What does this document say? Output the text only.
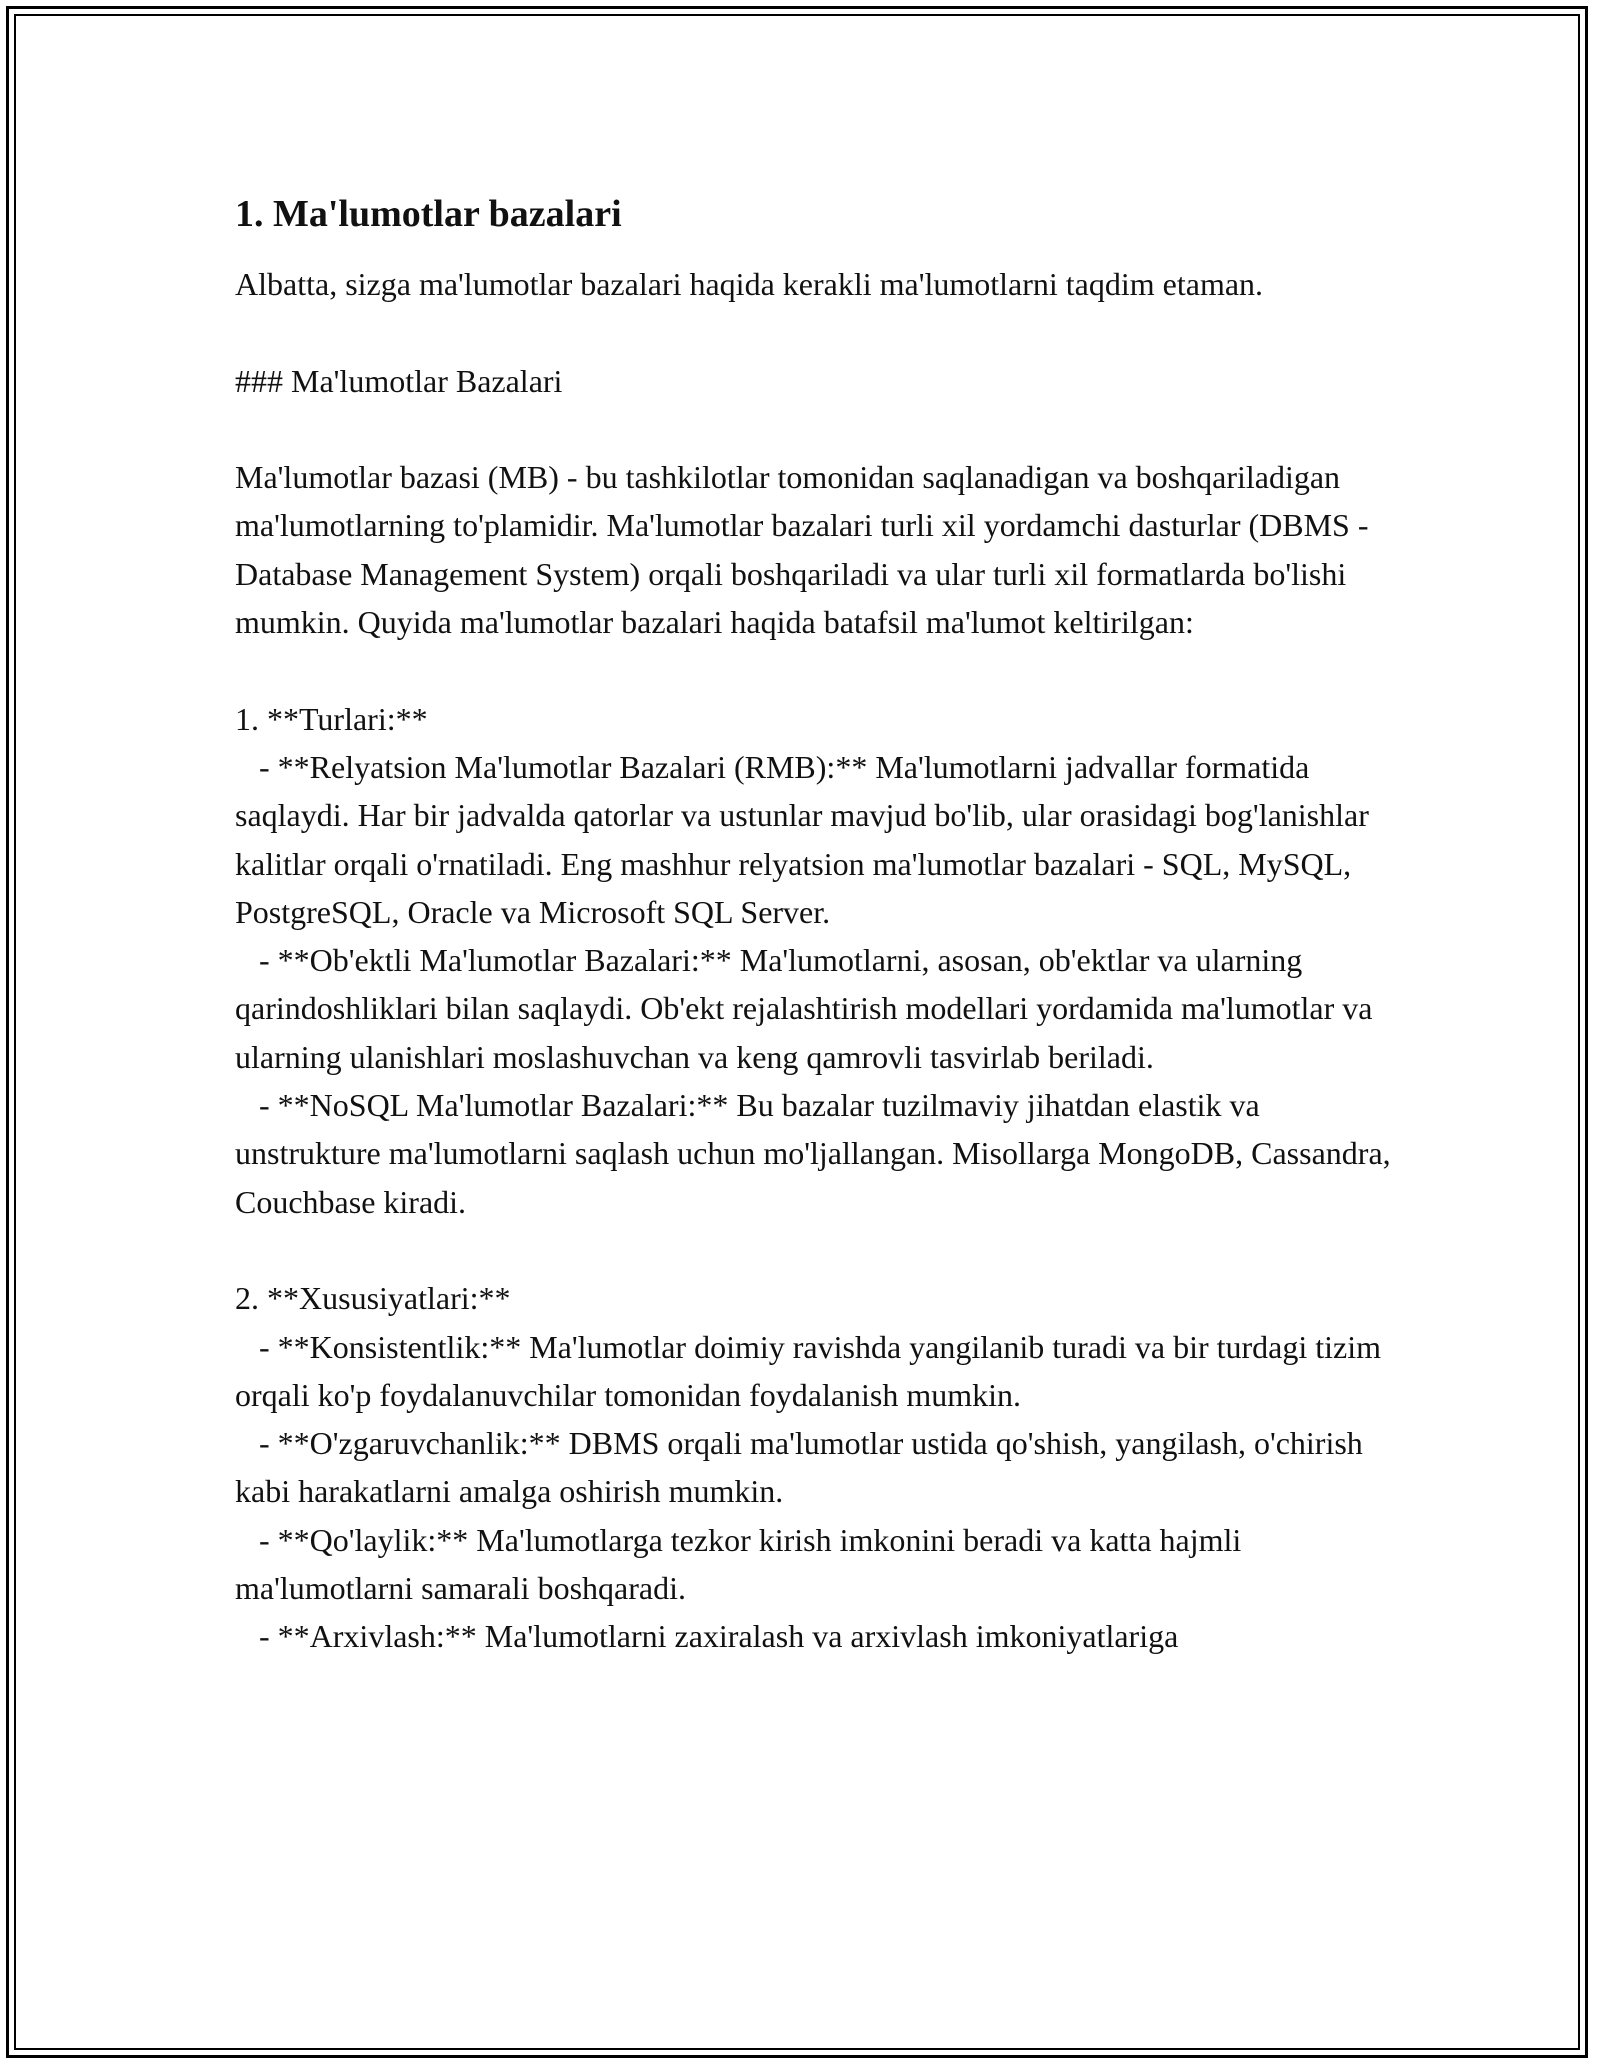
1. Ma'lumotlar bazalari

Albatta, sizga ma'lumotlar bazalari haqida kerakli ma'lumotlarni taqdim etaman.

### Ma'lumotlar Bazalari

Ma'lumotlar bazasi (MB) - bu tashkilotlar tomonidan saqlanadigan va boshqariladigan ma'lumotlarning to'plamidir. Ma'lumotlar bazalari turli xil yordamchi dasturlar (DBMS - Database Management System) orqali boshqariladi va ular turli xil formatlarda bo'lishi mumkin. Quyida ma'lumotlar bazalari haqida batafsil ma'lumot keltirilgan:

1. **Turlari:**
- **Relyatsion Ma'lumotlar Bazalari (RMB):** Ma'lumotlarni jadvallar formatida saqlaydi. Har bir jadvalda qatorlar va ustunlar mavjud bo'lib, ular orasidagi bog'lanishlar kalitlar orqali o'rnatiladi. Eng mashhur relyatsion ma'lumotlar bazalari - SQL, MySQL, PostgreSQL, Oracle va Microsoft SQL Server.
- **Ob'ektli Ma'lumotlar Bazalari:** Ma'lumotlarni, asosan, ob'ektlar va ularning qarindoshliklari bilan saqlaydi. Ob'ekt rejalashtirish modellari yordamida ma'lumotlar va ularning ulanishlari moslashuvchan va keng qamrovli tasvirlab beriladi.
- **NoSQL Ma'lumotlar Bazalari:** Bu bazalar tuzilmaviy jihatdan elastik va unstrukture ma'lumotlarni saqlash uchun mo'ljallangan. Misollarga MongoDB, Cassandra, Couchbase kiradi.

2. **Xususiyatlari:**
- **Konsistentlik:** Ma'lumotlar doimiy ravishda yangilanib turadi va bir turdagi tizim orqali ko'p foydalanuvchilar tomonidan foydalanish mumkin.
- **O'zgaruvchanlik:** DBMS orqali ma'lumotlar ustida qo'shish, yangilash, o'chirish kabi harakatlarni amalga oshirish mumkin.
- **Qo'laylik:** Ma'lumotlarga tezkor kirish imkonini beradi va katta hajmli ma'lumotlarni samarali boshqaradi.
- **Arxivlash:** Ma'lumotlarni zaxiralash va arxivlash imkoniyatlariga
